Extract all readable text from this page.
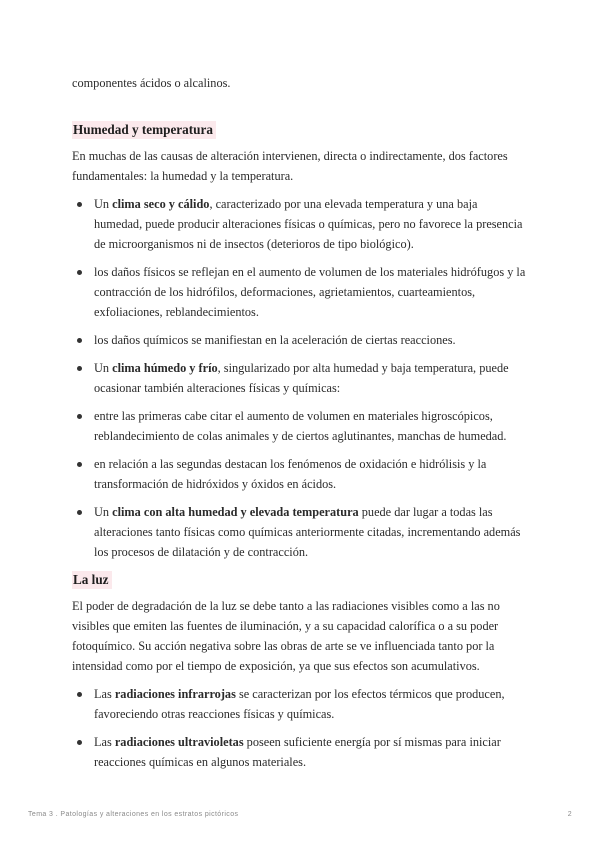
componentes ácidos o alcalinos.

Humedad y temperatura

En muchas de las causas de alteración intervienen, directa o indirectamente, dos factores fundamentales: la humedad y la temperatura.

Un clima seco y cálido, caracterizado por una elevada temperatura y una baja humedad, puede producir alteraciones físicas o químicas, pero no favorece la presencia de microorganismos ni de insectos (deterioros de tipo biológico).
los daños físicos se reflejan en el aumento de volumen de los materiales hidrófugos y la contracción de los hidrófilos, deformaciones, agrietamientos, cuarteamientos, exfoliaciones, reblandecimientos.
los daños químicos se manifiestan en la aceleración de ciertas reacciones.
Un clima húmedo y frío, singularizado por alta humedad y baja temperatura, puede ocasionar también alteraciones físicas y químicas:
entre las primeras cabe citar el aumento de volumen en materiales higroscópicos, reblandecimiento de colas animales y de ciertos aglutinantes, manchas de humedad.
en relación a las segundas destacan los fenómenos de oxidación e hidrólisis y la transformación de hidróxidos y óxidos en ácidos.
Un clima con alta humedad y elevada temperatura puede dar lugar a todas las alteraciones tanto físicas como químicas anteriormente citadas, incrementando además los procesos de dilatación y de contracción.
La luz

El poder de degradación de la luz se debe tanto a las radiaciones visibles como a las no visibles que emiten las fuentes de iluminación, y a su capacidad calorífica o a su poder fotoquímico. Su acción negativa sobre las obras de arte se ve influenciada tanto por la intensidad como por el tiempo de exposición, ya que sus efectos son acumulativos.

Las radiaciones infrarrojas se caracterizan por los efectos térmicos que producen, favoreciendo otras reacciones físicas y químicas.
Las radiaciones ultravioletas poseen suficiente energía por sí mismas para iniciar reacciones químicas en algunos materiales.
Tema 3 . Patologías y alteraciones en los estratos pictóricos	2
